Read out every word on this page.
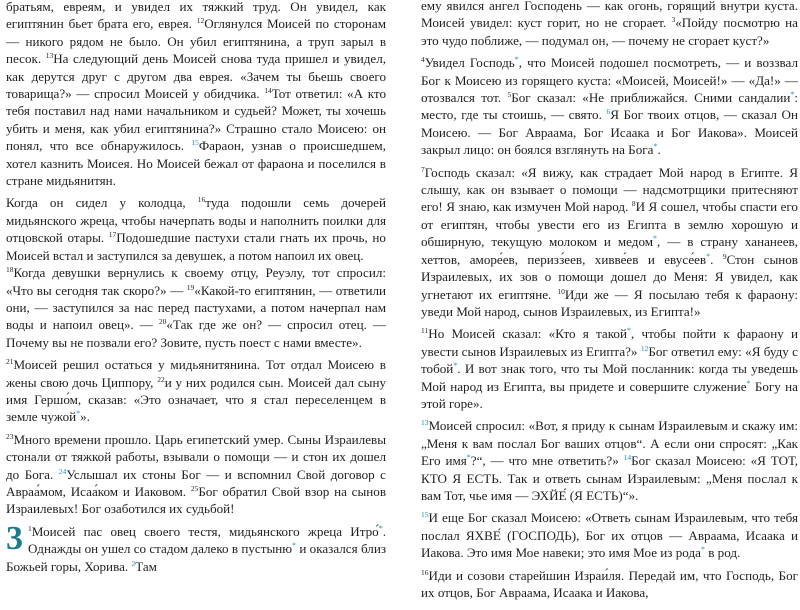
братьям, евреям, и увидел их тяжкий труд. Он увидел, как египтянин бьет брата его, еврея. $^{12}$Оглянулся Моисей по сторонам — никого рядом не было. Он убил египтянина, а труп зарыл в песок. $^{13}$На следующий день Моисей снова туда пришел и увидел, как дерутся друг с другом два еврея. «Зачем ты бьешь своего товарища?» — спросил Моисей у обидчика. $^{14}$Тот ответил: «А кто тебя поставил над нами начальником и судьей? Может, ты хочешь убить и меня, как убил египтянина?» Страшно стало Моисею: он понял, что все обнаружилось. $^{15}$Фараон, узнав о происшедшем, хотел казнить Моисея. Но Моисей бежал от фараона и поселился в стране мидьянитян.

Когда он сидел у колодца, $^{16}$туда подошли семь дочерей мидьянского жреца, чтобы начерпать воды и наполнить поилки для отцовской отары. $^{17}$Подошедшие пастухи стали гнать их прочь, но Моисей встал и заступился за девушек, а потом напоил их овец.

$^{18}$Когда девушки вернулись к своему отцу, Реуэлу, тот спросил: «Что вы сегодня так скоро?» — $^{19}$«Какой-то египтянин, — ответили они, — заступился за нас перед пастухами, а потом начерпал нам воды и напоил овец». — $^{20}$«Так где же он? — спросил отец. — Почему вы не позвали его? Зовите, пусть поест с нами вместе».

$^{21}$Моисей решил остаться у мидьянитянина. Тот отдал Моисею в жены свою дочь Циппору, $^{22}$и у них родился сын. Моисей дал сыну имя Гершо́м, сказав: «Это означает, что я стал переселенцем в земле чужой*».

$^{23}$Много времени прошло. Царь египетский умер. Сыны Израилевы стонали от тяжкой работы, взывали о помощи — и стон их дошел до Бога. $^{24}$Услышал их стоны Бог — и вспомнил Свой договор с Авраа́мом, Исаа́ком и Иаковом. $^{25}$Бог обратил Свой взор на сынов Израилевых! Бог озаботился их судьбой!

3 $^1$Моисей пас овец своего тестя, мидьянского жреца Итро́*. Однажды он ушел со стадом далеко в пустыню* и оказался близ Божьей горы, Хорива. $^2$Там

ему явился ангел Господень — как огонь, горящий внутри куста. Моисей увидел: куст горит, но не сгорает. $^3$«Пойду посмотрю на это чудо поближе, — подумал он, — почему не сгорает куст?»

$^4$Увидел Господь*, что Моисей подошел посмотреть, — и воззвал Бог к Моисею из горящего куста: «Моисей, Моисей!» — «Да!» — отозвался тот. $^5$Бог сказал: «Не приближайся. Сними сандалии*: место, где ты стоишь, — свято. $^6$Я Бог твоих отцов, — сказал Он Моисею. — Бог Авраама, Бог Исаака и Бог Иакова». Моисей закрыл лицо: он боялся взглянуть на Бога*.

$^7$Господь сказал: «Я вижу, как страдает Мой народ в Египте. Я слышу, как он взывает о помощи — надсмотрщики притесняют его! Я знаю, как измучен Мой народ. $^8$И Я сошел, чтобы спасти его от египтян, чтобы увести его из Египта в землю хорошую и обширную, текущую молоком и медом*, — в страну хананеев, хеттов, аморе́ев, перизз́еев, хивве́ев и евусе́ев*. $^9$Стон сынов Израилевых, их зов о помощи дошел до Меня: Я увидел, как угнетают их египтяне. $^{10}$Иди же — Я посылаю тебя к фараону: уведи Мой народ, сынов Израилевых, из Египта!»

$^{11}$Но Моисей сказал: «Кто я такой*, чтобы пойти к фараону и увести сынов Израилевых из Египта?» $^{12}$Бог ответил ему: «Я буду с тобой*. И вот знак того, что ты Мой посланник: когда ты уведешь Мой народ из Египта, вы придете и совершите служение* Богу на этой горе».

$^{13}$Моисей спросил: «Вот, я приду к сынам Израилевым и скажу им: „Меня к вам послал Бог ваших отцов“. А если они спросят: „Как Его имя*?“, — что мне ответить?» $^{14}$Бог сказал Моисею: «Я ТОТ, КТО Я ЕСТЬ. Так и ответь сынам Израилевым: „Меня послал к вам Тот, чье имя — ЭХЙЕ́ (Я ЕСТЬ)“».

$^{15}$И еще Бог сказал Моисею: «Ответь сынам Израилевым, что тебя послал ЯХВЕ́ (ГОСПОДЬ), Бог их отцов — Авраама, Исаака и Иакова. Это имя Мое навеки; это имя Мое из рода* в род.

$^{16}$Иди и созови старейшин Израи́ля. Передай им, что Господь, Бог их отцов, Бог Авраама, Исаака и Иакова,
